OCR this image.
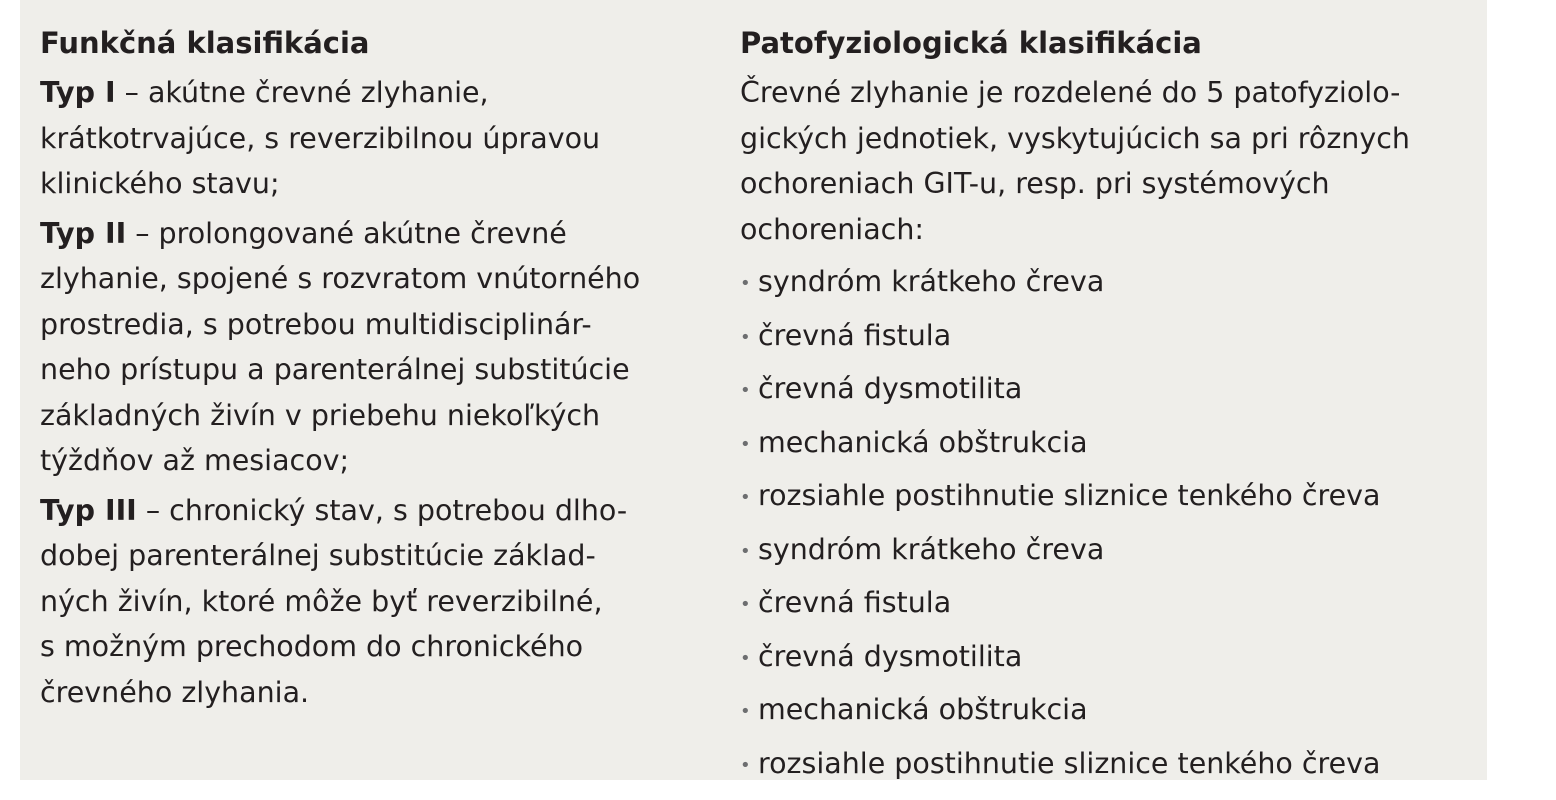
Funkčná klasifikácia

Typ I – akútne črevné zlyhanie,
krátkotrvajúce, s reverzibilnou úpravou
klinického stavu;

Typ II – prolongované akútne črevné
zlyhanie, spojené s rozvratom vnútorného
prostredia, s potrebou multidisciplinár-
neho prístupu a parenterálnej substitúcie
základných živín v priebehu niekoľkých
týždňov až mesiacov;

Typ III – chronický stav, s potrebou dlho-
dobej parenterálnej substitúcie základ-
ných živín, ktoré môže byť reverzibilné,
s možným prechodom do chronického
črevného zlyhania.

Patofyziologická klasifikácia

Črevné zlyhanie je rozdelené do 5 patofyziolo-
gických jednotiek, vyskytujúcich sa pri rôznych
ochoreniach GIT-u, resp. pri systémových
ochoreniach:

• syndróm krátkeho čreva
• črevná fistula
• črevná dysmotilita
• mechanická obštrukcia
• rozsiahle postihnutie sliznice tenkého čreva
• syndróm krátkeho čreva
• črevná fistula
• črevná dysmotilita
• mechanická obštrukcia
• rozsiahle postihnutie sliznice tenkého čreva
